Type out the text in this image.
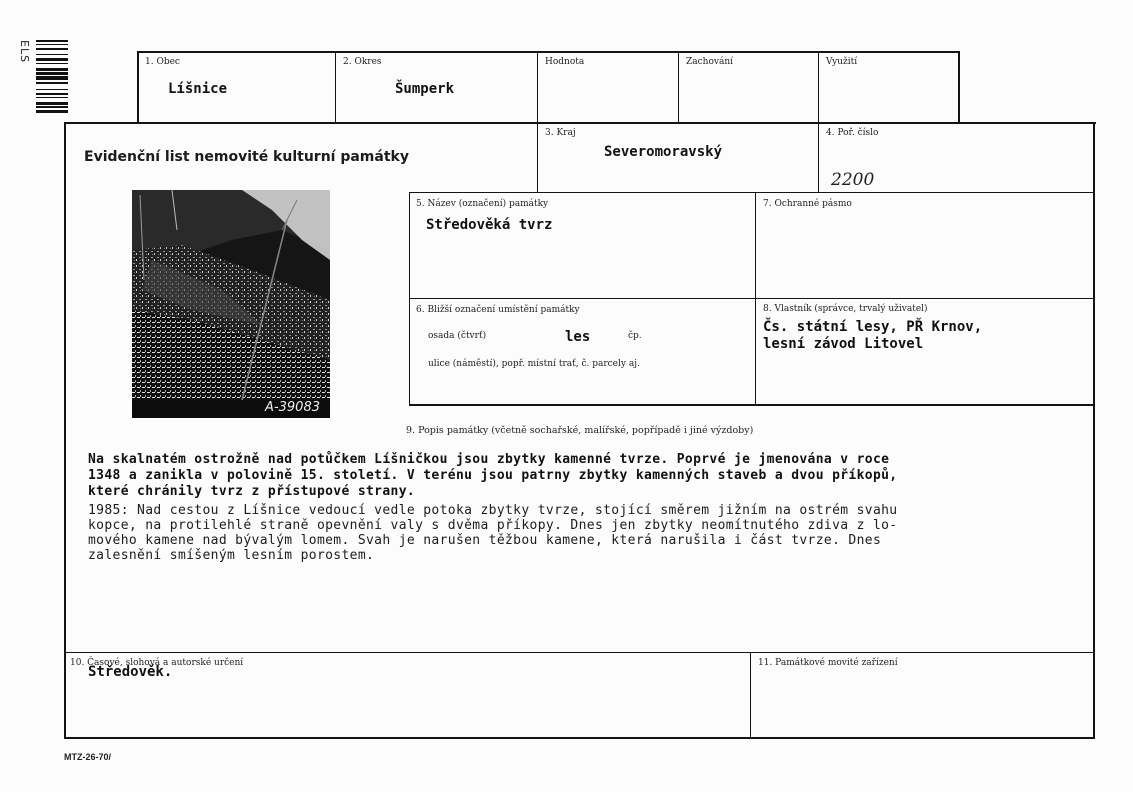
ELS	1. Obec
Líšnice
2. Okres
Šumperk
Hodnota	Zachování	Využití
Evidenční list nemovité kulturní památky
3. Kraj
Severomoravský
4. Poř. číslo
2200
A-39083
5. Název (označení) památky
Středověká tvrz
7. Ochranné pásmo
6. Bližší označení umístění památky
osada (čtvrť)	les	čp.
ulice (náměstí), popř. místní trať, č. parcely aj.
8. Vlastník (správce, trvalý uživatel)
Čs. státní lesy, PŘ Krnov,
lesní závod Litovel
9. Popis památky (včetně sochařské, malířské, popřípadě i jiné výzdoby)
Na skalnatém ostrožně nad potůčkem Líšničkou jsou zbytky kamenné tvrze. Poprvé je jmenována v roce
1348 a zanikla v polovině 15. století. V terénu jsou patrny zbytky kamenných staveb a dvou příkopů,
které chránily tvrz z přístupové strany.
1985: Nad cestou z Líšnice vedoucí vedle potoka zbytky tvrze, stojící směrem jižním na ostrém svahu
kopce, na protilehlé straně opevnění valy s dvěma příkopy. Dnes jen zbytky neomítnutého zdiva z lo-
mového kamene nad bývalým lomem. Svah je narušen těžbou kamene, která narušila i část tvrze. Dnes
zalesnění smíšeným lesním porostem.
10. Časové, slohová a autorské určení
Středověk.
11. Památkové movité zařízení
MTZ-26-70/
